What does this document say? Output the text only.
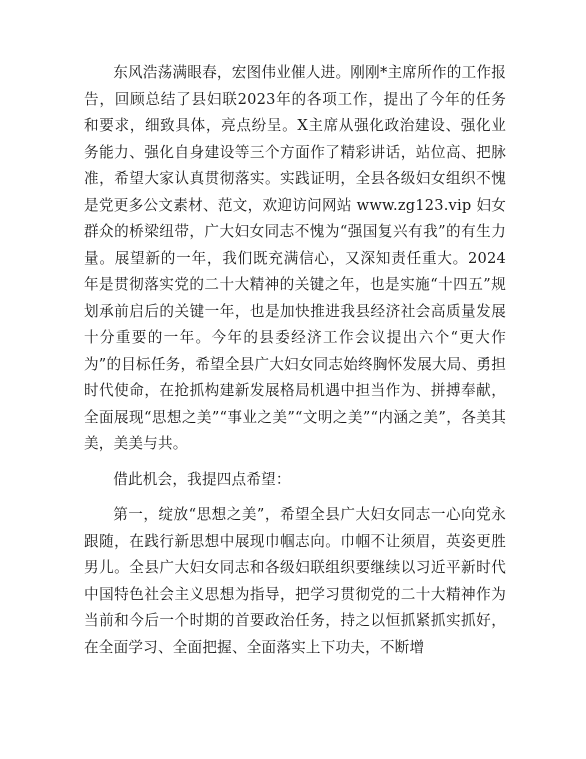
东风浩荡满眼春，宏图伟业催人进。刚刚*主席所作的工作报告，回顾总结了县妇联2023年的各项工作，提出了今年的任务和要求，细致具体，亮点纷呈。X主席从强化政治建设、强化业务能力、强化自身建设等三个方面作了精彩讲话，站位高、把脉准，希望大家认真贯彻落实。实践证明，全县各级妇女组织不愧是党更多公文素材、范文，欢迎访问网站 www.zg123.vip 妇女群众的桥梁纽带，广大妇女同志不愧为“强国复兴有我”的有生力量。展望新的一年，我们既充满信心，又深知责任重大。2024年是贯彻落实党的二十大精神的关键之年，也是实施“十四五”规划承前启后的关键一年，也是加快推进我县经济社会高质量发展十分重要的一年。今年的县委经济工作会议提出六个“更大作为”的目标任务，希望全县广大妇女同志始终胸怀发展大局、勇担时代使命，在抢抓构建新发展格局机遇中担当作为、拼搏奉献，全面展现“思想之美”“事业之美”“文明之美”“内涵之美”，各美其美，美美与共。

借此机会，我提四点希望：

第一，绽放“思想之美”，希望全县广大妇女同志一心向党永跟随，在践行新思想中展现巾帼志向。巾帼不让须眉，英姿更胜男儿。全县广大妇女同志和各级妇联组织要继续以习近平新时代中国特色社会主义思想为指导，把学习贯彻党的二十大精神作为当前和今后一个时期的首要政治任务，持之以恒抓紧抓实抓好，在全面学习、全面把握、全面落实上下功夫，不断增
